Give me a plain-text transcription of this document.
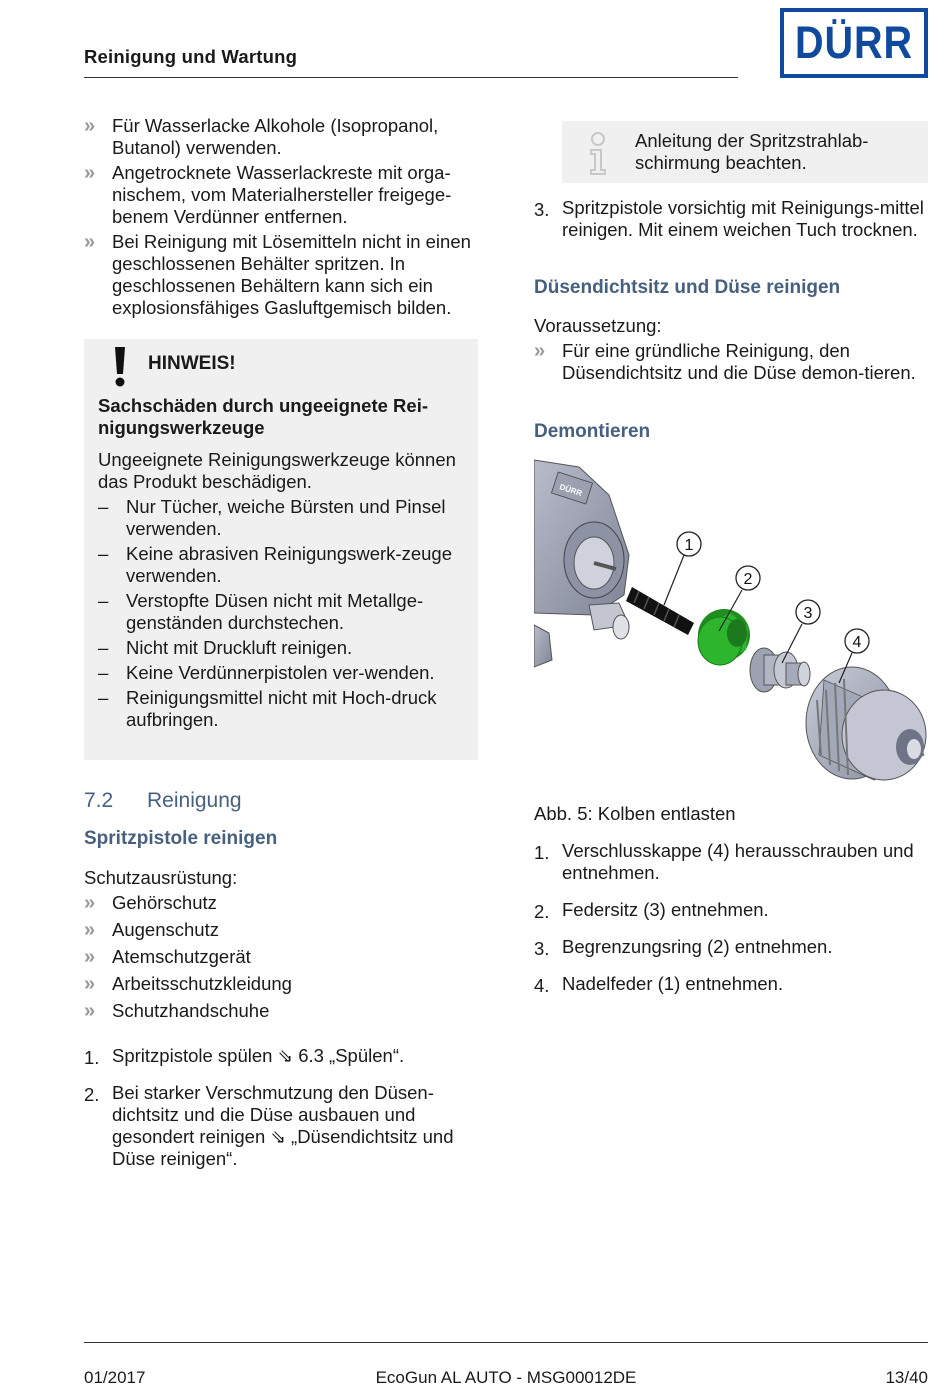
Reinigung und Wartung	DÜRR
» Für Wasserlacke Alkohole (Isopropanol, Butanol) verwenden.
» Angetrocknete Wasserlackreste mit orga-nischem, vom Materialhersteller freigege-benem Verdünner entfernen.
» Bei Reinigung mit Lösemitteln nicht in einen geschlossenen Behälter spritzen. In geschlossenen Behältern kann sich ein explosionsfähiges Gasluftgemisch bilden.
HINWEIS!
Sachschäden durch ungeeignete Rei-nigungswerkzeuge
Ungeeignete Reinigungswerkzeuge können das Produkt beschädigen.
– Nur Tücher, weiche Bürsten und Pinsel verwenden.
– Keine abrasiven Reinigungswerk-zeuge verwenden.
– Verstopfte Düsen nicht mit Metallge-genständen durchstechen.
– Nicht mit Druckluft reinigen.
– Keine Verdünnerpistolen ver-wenden.
– Reinigungsmittel nicht mit Hoch-druck aufbringen.
7.2 Reinigung
Spritzpistole reinigen
Schutzausrüstung:
» Gehörschutz
» Augenschutz
» Atemschutzgerät
» Arbeitsschutzkleidung
» Schutzhandschuhe
1. Spritzpistole spülen ⇘ 6.3 „Spülen“.
2. Bei starker Verschmutzung den Düsen-dichtsitz und die Düse ausbauen und gesondert reinigen ⇘ „Düsendichtsitz und Düse reinigen“.
Anleitung der Spritzstrahlab-schirmung beachten.
3. Spritzpistole vorsichtig mit Reinigungs-mittel reinigen. Mit einem weichen Tuch trocknen.
Düsendichtsitz und Düse reinigen
Voraussetzung:
» Für eine gründliche Reinigung, den Düsendichtsitz und die Düse demon-tieren.
Demontieren
DÜRR
1
2
3
4
Abb. 5: Kolben entlasten
1. Verschlusskappe (4) herausschrauben und entnehmen.
2. Federsitz (3) entnehmen.
3. Begrenzungsring (2) entnehmen.
4. Nadelfeder (1) entnehmen.
01/2017	EcoGun AL AUTO - MSG00012DE	13/40
